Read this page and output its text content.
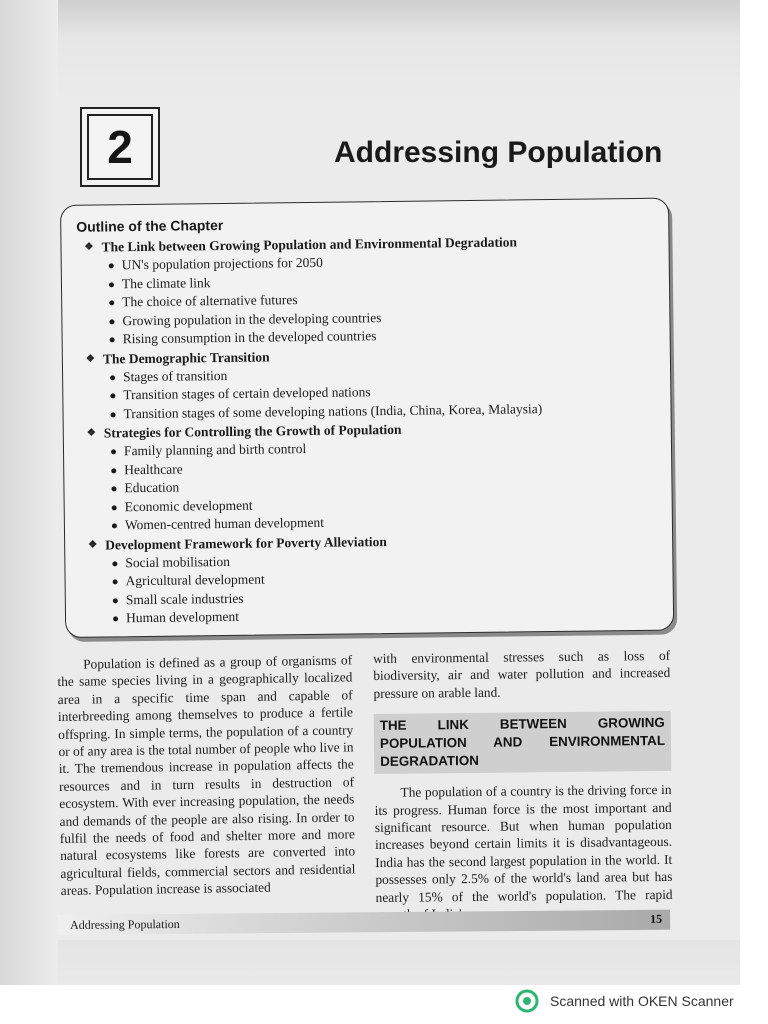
2	Addressing Population
Outline of the Chapter
❖ The Link between Growing Population and Environmental Degradation
UN's population projections for 2050
The climate link
The choice of alternative futures
Growing population in the developing countries
Rising consumption in the developed countries
❖ The Demographic Transition
Stages of transition
Transition stages of certain developed nations
Transition stages of some developing nations (India, China, Korea, Malaysia)
❖ Strategies for Controlling the Growth of Population
Family planning and birth control
Healthcare
Education
Economic development
Women-centred human development
❖ Development Framework for Poverty Alleviation
Social mobilisation
Agricultural development
Small scale industries
Human development

Population is defined as a group of organisms of the same species living in a geographically localized area in a specific time span and capable of interbreeding among themselves to produce a fertile offspring. In simple terms, the population of a country or of any area is the total number of people who live in it. The tremendous increase in population affects the resources and in turn results in destruction of ecosystem. With ever increasing population, the needs and demands of the people are also rising. In order to fulfil the needs of food and shelter more and more natural ecosystems like forests are converted into agricultural fields, commercial sectors and residential areas. Population increase is associated

with environmental stresses such as loss of biodiversity, air and water pollution and increased pressure on arable land.

THE LINK BETWEEN GROWING POPULATION AND ENVIRONMENTAL DEGRADATION

The population of a country is the driving force in its progress. Human force is the most important and significant resource. But when human population increases beyond certain limits it is disadvantageous. India has the second largest population in the world. It possesses only 2.5% of the world's land area but has nearly 15% of the world's population. The rapid

Addressing Population	15
Scanned with OKEN Scanner
